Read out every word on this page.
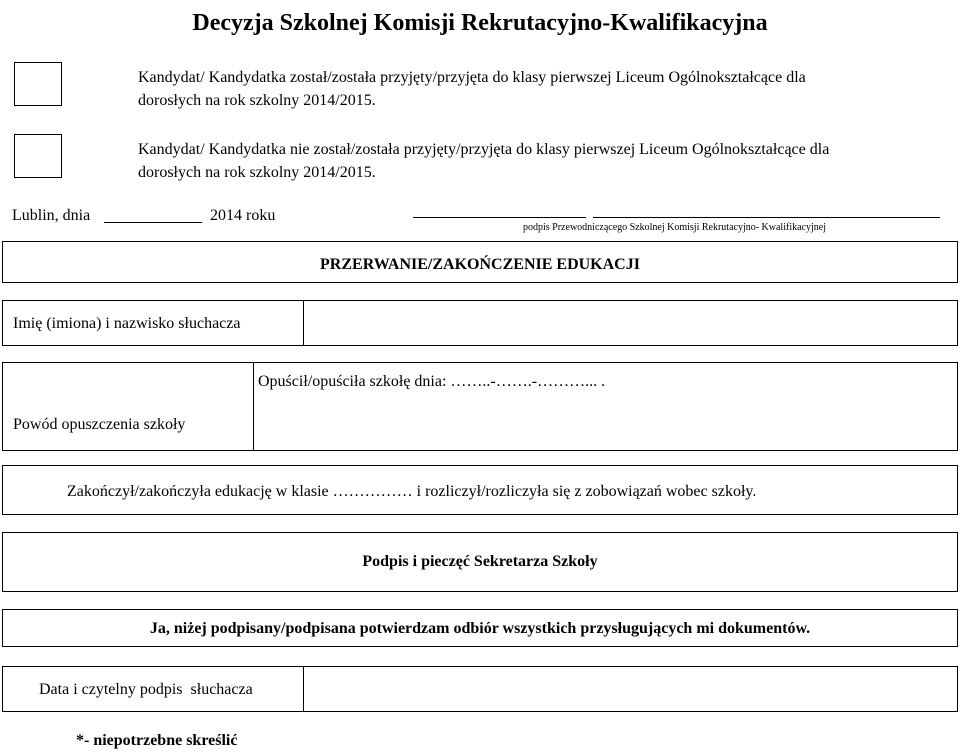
Decyzja Szkolnej Komisji Rekrutacyjno-Kwalifikacyjna
Kandydat/ Kandydatka został/została przyjęty/przyjęta do klasy pierwszej Liceum Ogólnokształcące dla
dorosłych na rok szkolny 2014/2015.
Kandydat/ Kandydatka nie został/została przyjęty/przyjęta do klasy pierwszej Liceum Ogólnokształcące dla
dorosłych na rok szkolny 2014/2015.
Lublin, dnia	2014 roku
podpis Przewodniczącego Szkolnej Komisji Rekrutacyjno- Kwalifikacyjnej
PRZERWANIE/ZAKOŃCZENIE EDUKACJI
Imię (imiona) i nazwisko słuchacza
Powód opuszczenia szkoły
Opuścił/opuściła szkołę dnia: ……..-…….-………... .
Zakończył/zakończyła edukację w klasie …………… i rozliczył/rozliczyła się z zobowiązań wobec szkoły.
Podpis i pieczęć Sekretarza Szkoły
Ja, niżej podpisany/podpisana potwierdzam odbiór wszystkich przysługujących mi dokumentów.
Data i czytelny podpis  słuchacza
*- niepotrzebne skreślić
